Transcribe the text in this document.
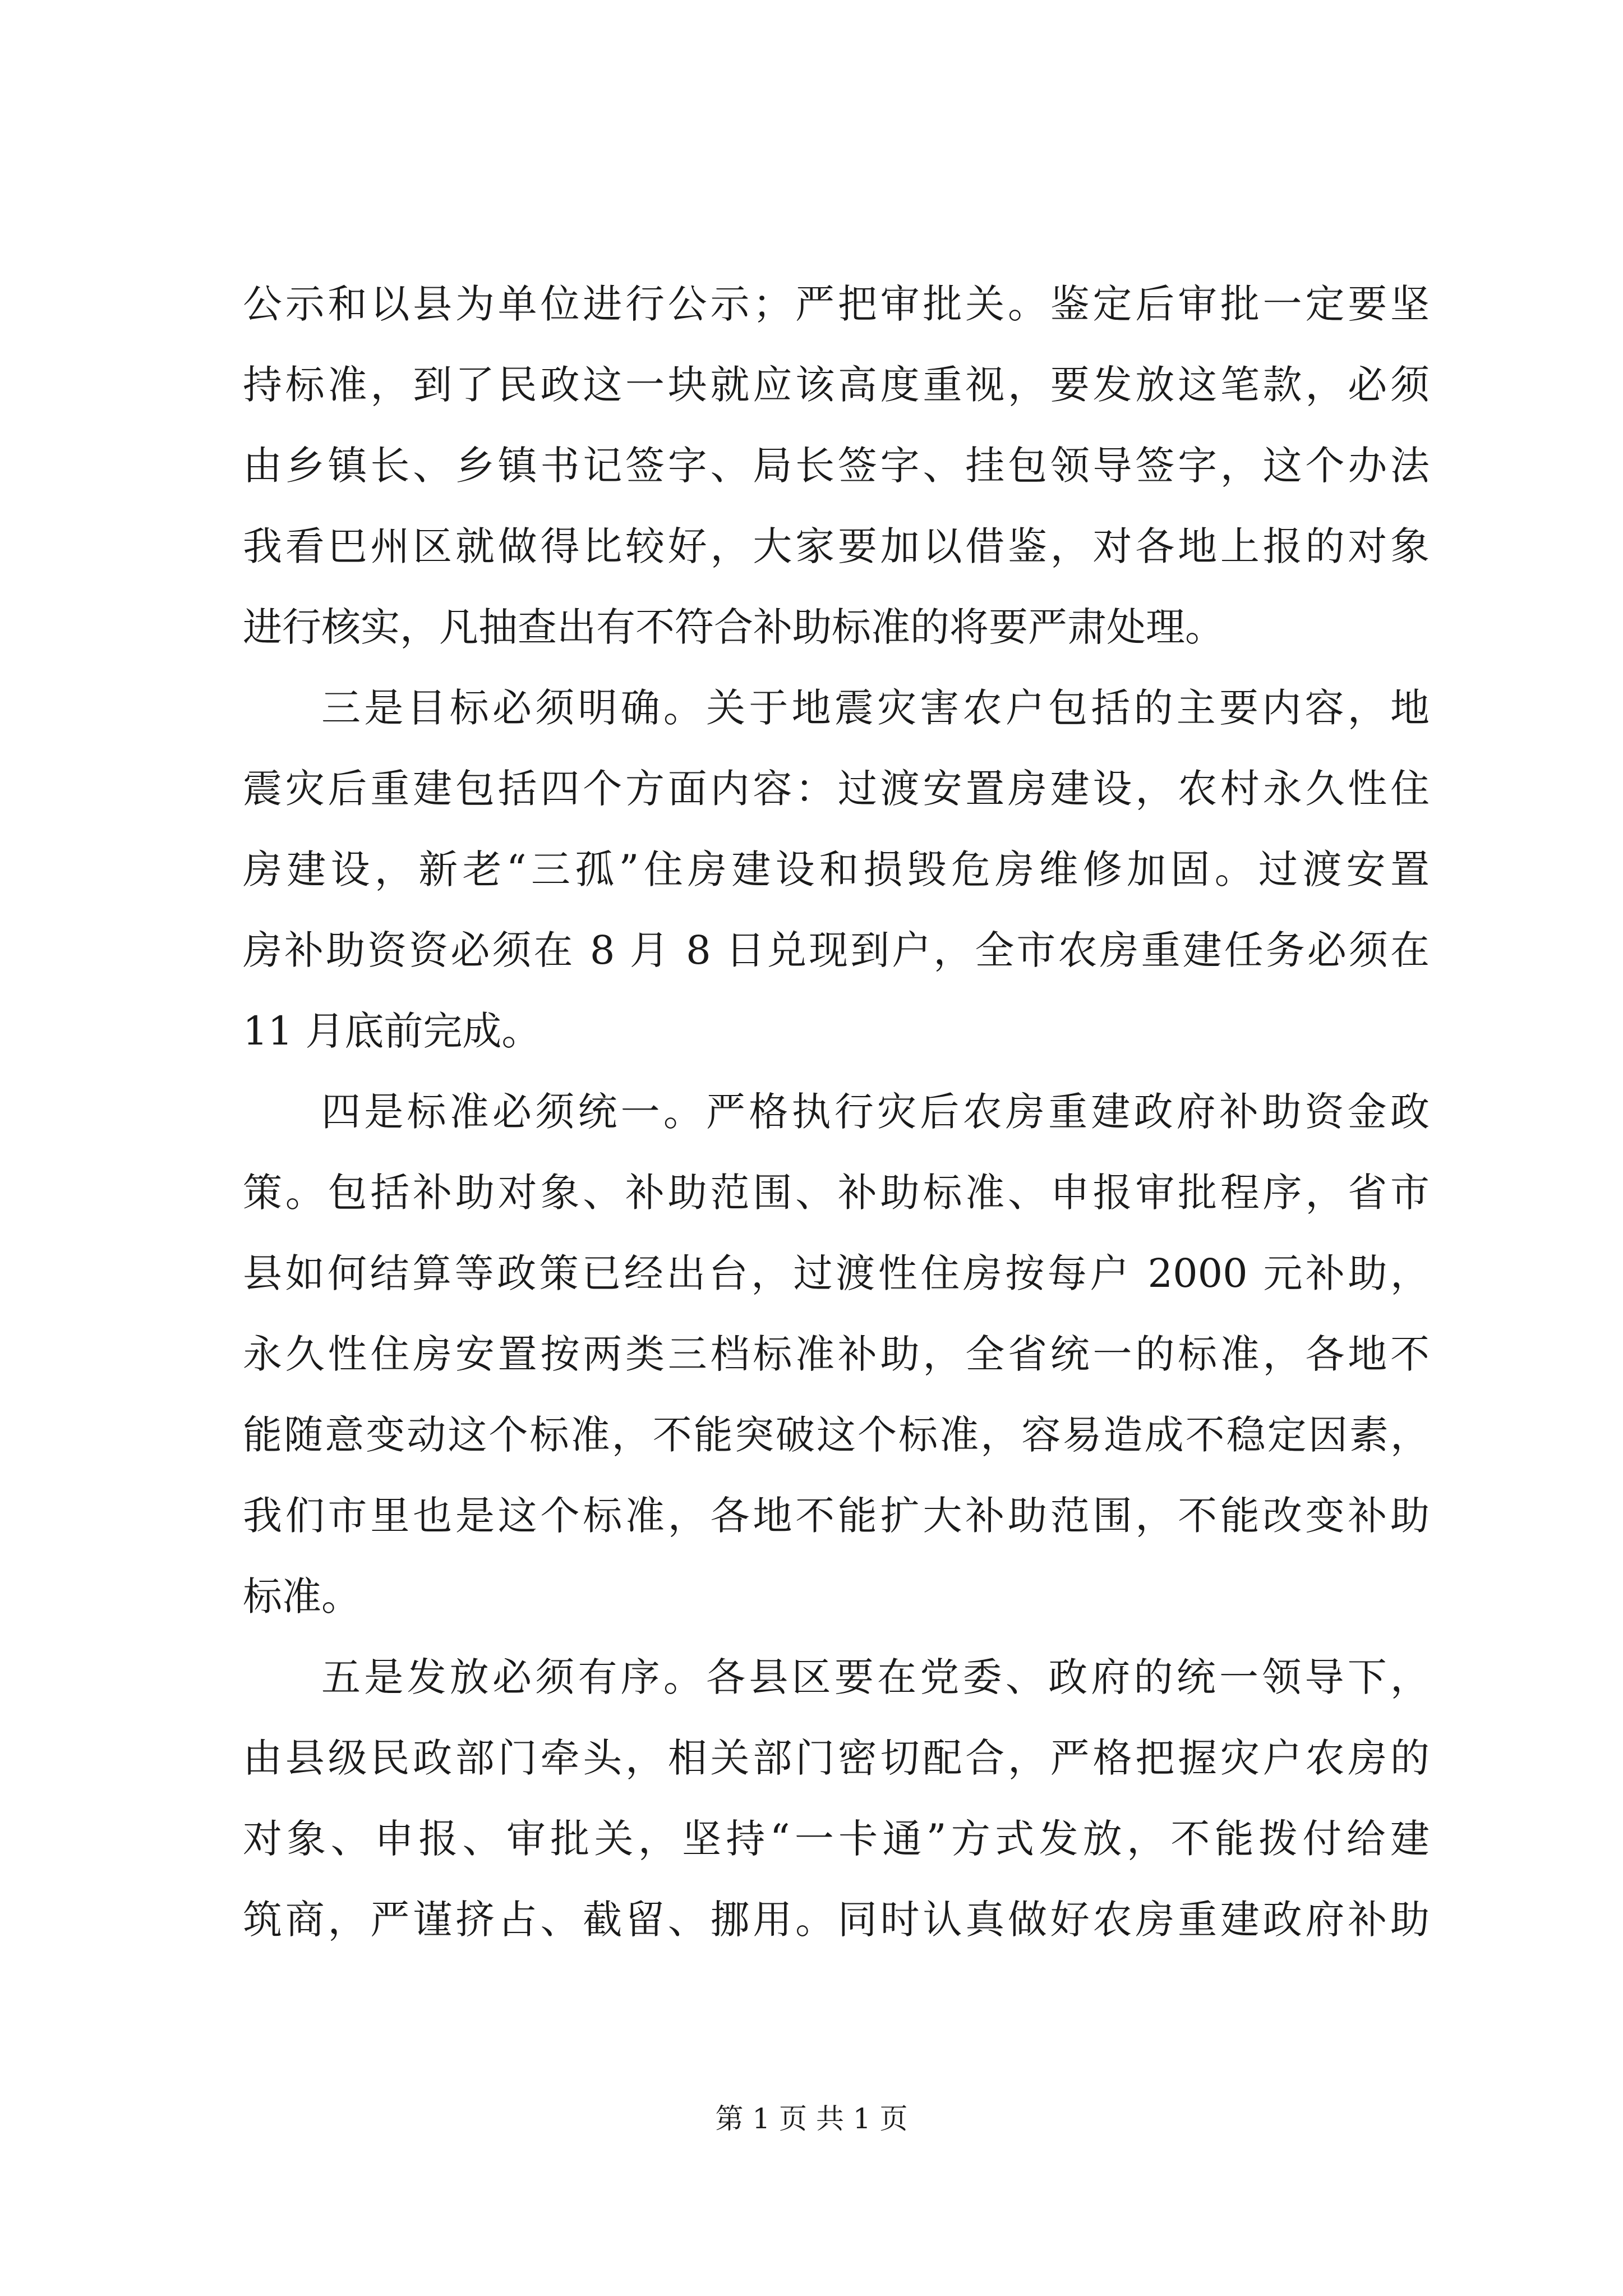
公示和以县为单位进行公示；严把审批关。鉴定后审批一定要坚
持标准，到了民政这一块就应该高度重视，要发放这笔款，必须
由乡镇长、乡镇书记签字、局长签字、挂包领导签字，这个办法
我看巴州区就做得比较好，大家要加以借鉴，对各地上报的对象
进行核实，凡抽查出有不符合补助标准的将要严肃处理。
三是目标必须明确。关于地震灾害农户包括的主要内容，地
震灾后重建包括四个方面内容：过渡安置房建设，农村永久性住
房建设，新老“三孤”住房建设和损毁危房维修加固。过渡安置
房补助资资必须在 8 月 8 日兑现到户，全市农房重建任务必须在
11 月底前完成。
四是标准必须统一。严格执行灾后农房重建政府补助资金政
策。包括补助对象、补助范围、补助标准、申报审批程序，省市
县如何结算等政策已经出台，过渡性住房按每户 2000 元补助，
永久性住房安置按两类三档标准补助，全省统一的标准，各地不
能随意变动这个标准，不能突破这个标准，容易造成不稳定因素，
我们市里也是这个标准，各地不能扩大补助范围，不能改变补助
标准。
五是发放必须有序。各县区要在党委、政府的统一领导下，
由县级民政部门牵头，相关部门密切配合，严格把握灾户农房的
对象、申报、审批关，坚持“一卡通”方式发放，不能拨付给建
筑商，严谨挤占、截留、挪用。同时认真做好农房重建政府补助
第 1 页 共 1 页
